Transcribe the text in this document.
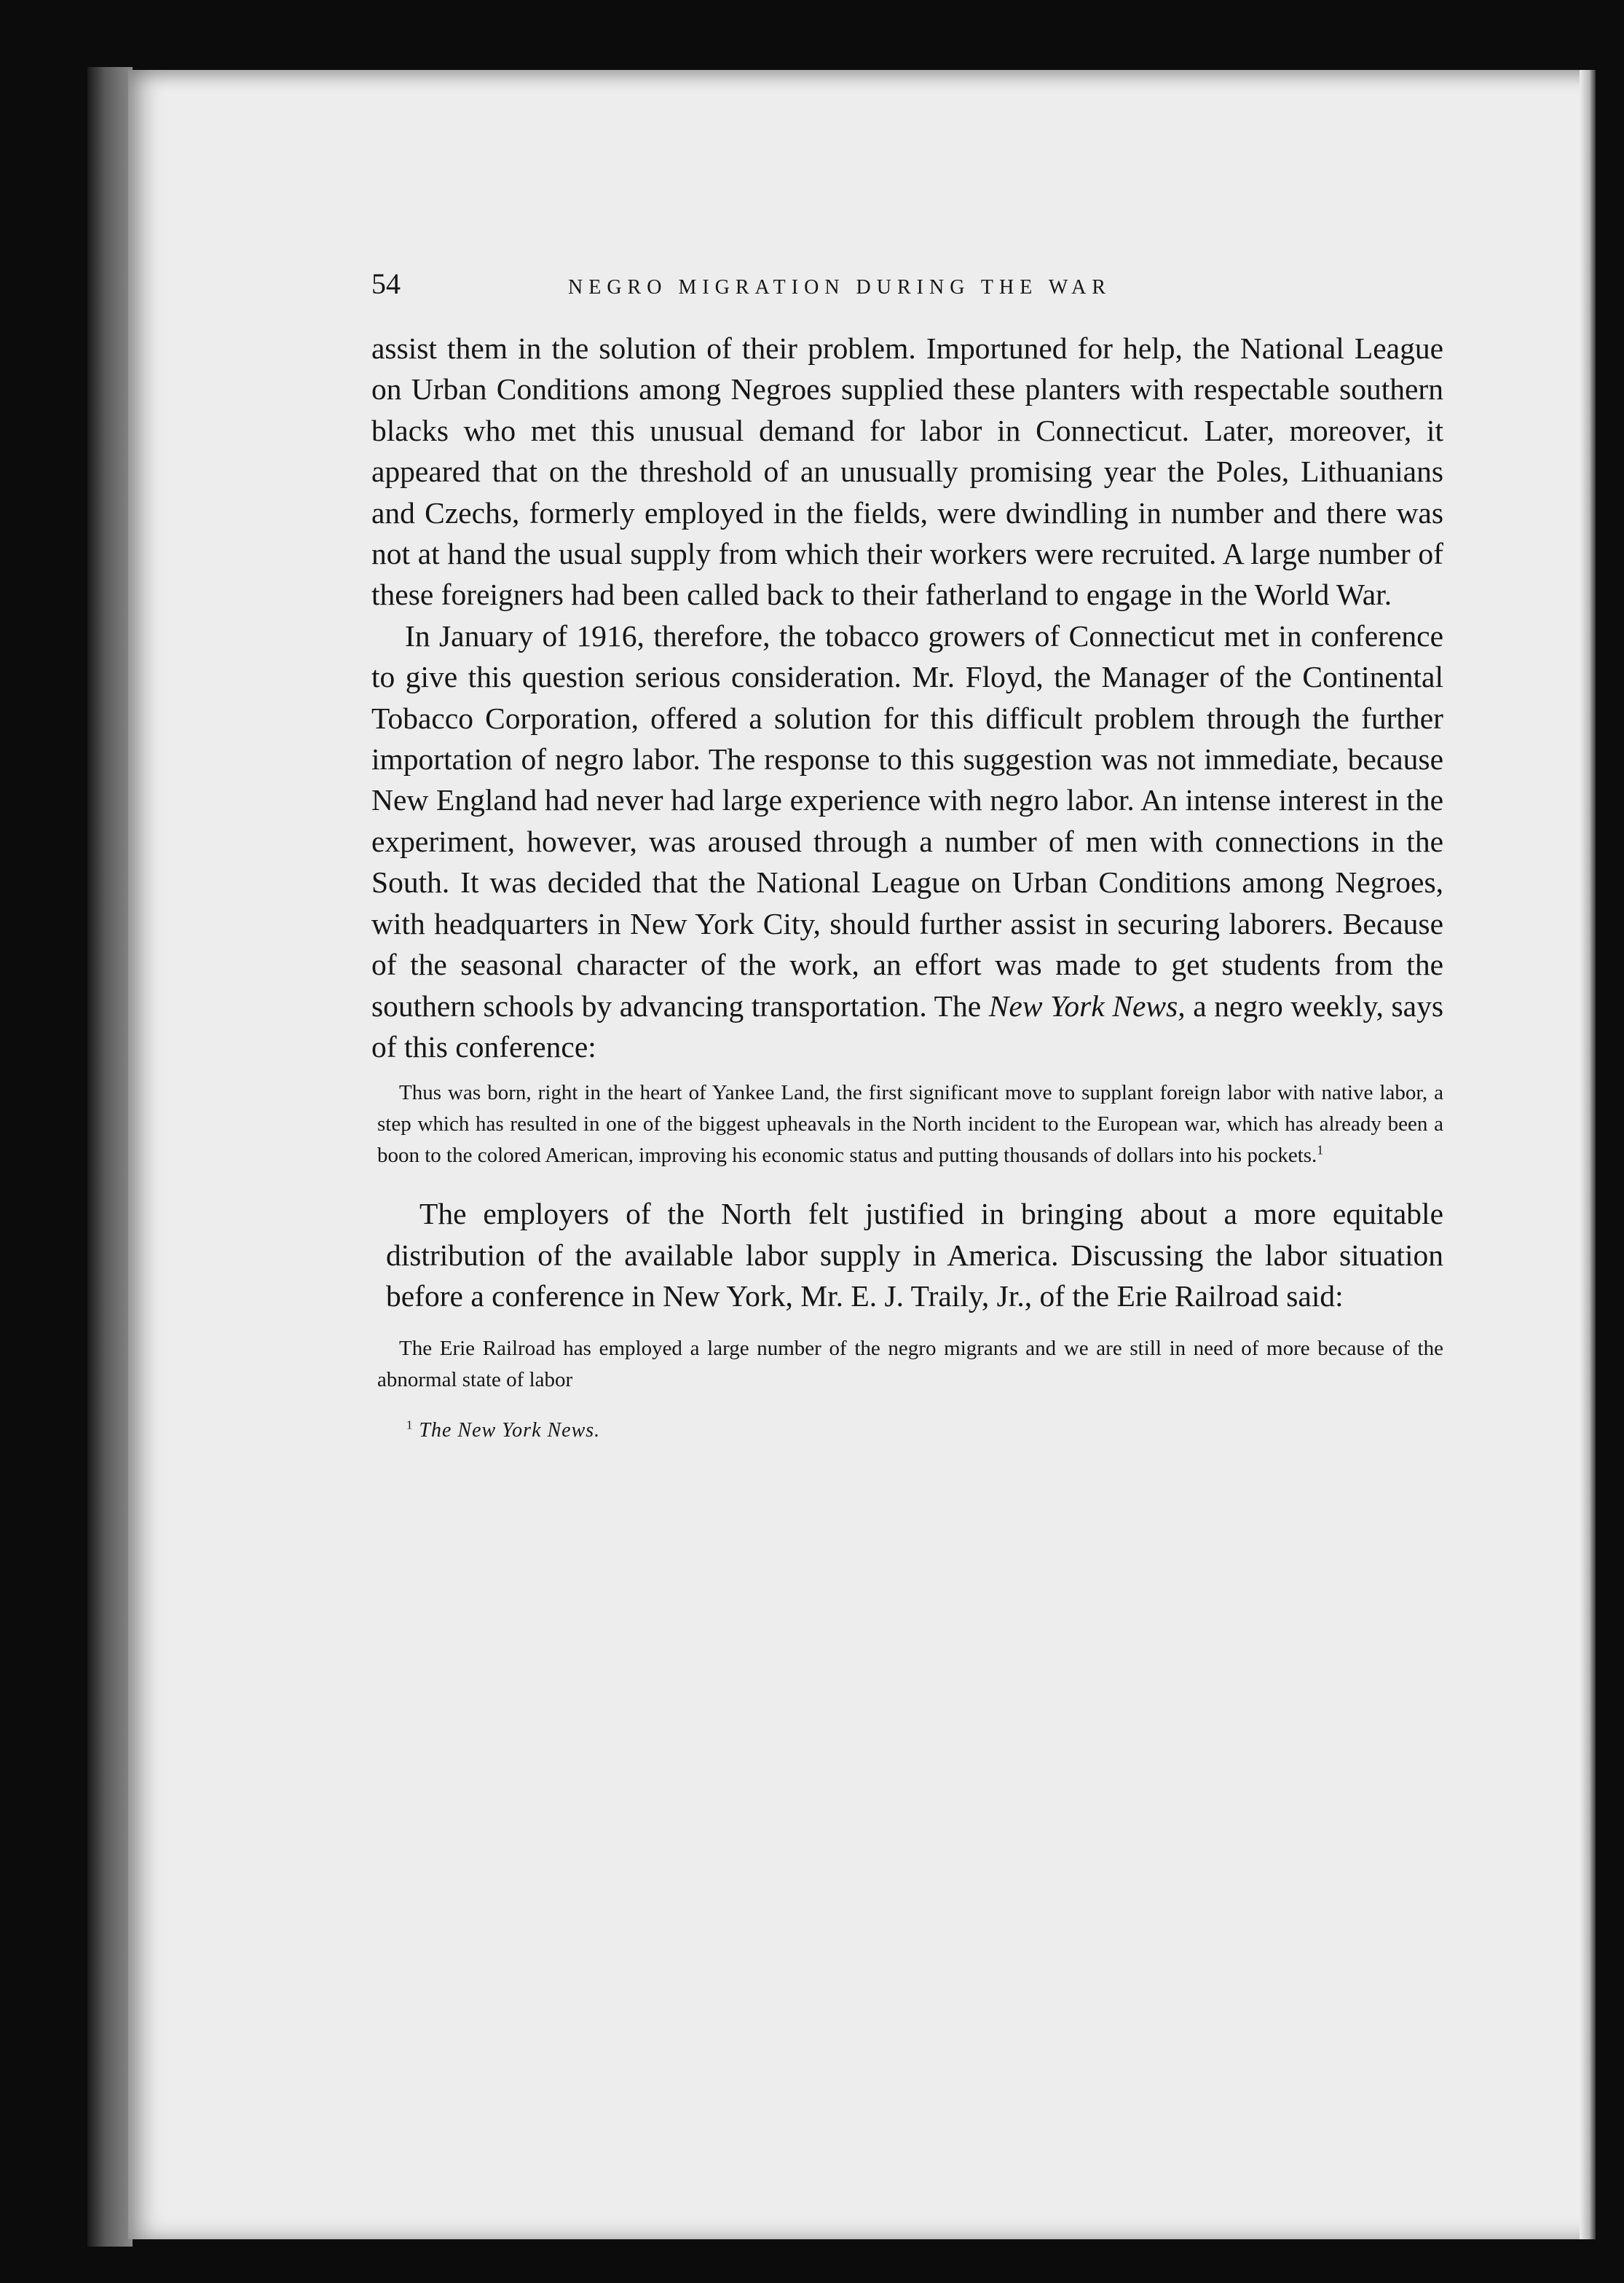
54	NEGRO MIGRATION DURING THE WAR

assist them in the solution of their problem. Importuned for help, the National League on Urban Conditions among Negroes supplied these planters with respectable southern blacks who met this unusual demand for labor in Connecticut. Later, moreover, it appeared that on the threshold of an unusually promising year the Poles, Lithuanians and Czechs, formerly employed in the fields, were dwindling in number and there was not at hand the usual supply from which their workers were recruited. A large number of these foreigners had been called back to their fatherland to engage in the World War.

In January of 1916, therefore, the tobacco growers of Connecticut met in conference to give this question serious consideration. Mr. Floyd, the Manager of the Continental Tobacco Corporation, offered a solution for this difficult problem through the further importation of negro labor. The response to this suggestion was not immediate, because New England had never had large experience with negro labor. An intense interest in the experiment, however, was aroused through a number of men with connections in the South. It was decided that the National League on Urban Conditions among Negroes, with headquarters in New York City, should further assist in securing laborers. Because of the seasonal character of the work, an effort was made to get students from the southern schools by advancing transportation. The New York News, a negro weekly, says of this conference:

Thus was born, right in the heart of Yankee Land, the first significant move to supplant foreign labor with native labor, a step which has resulted in one of the biggest upheavals in the North incident to the European war, which has already been a boon to the colored American, improving his economic status and putting thousands of dollars into his pockets.$^1$

The employers of the North felt justified in bringing about a more equitable distribution of the available labor supply in America. Discussing the labor situation before a conference in New York, Mr. E. J. Traily, Jr., of the Erie Railroad said:

The Erie Railroad has employed a large number of the negro migrants and we are still in need of more because of the abnormal state of labor

$^1$ The New York News.
